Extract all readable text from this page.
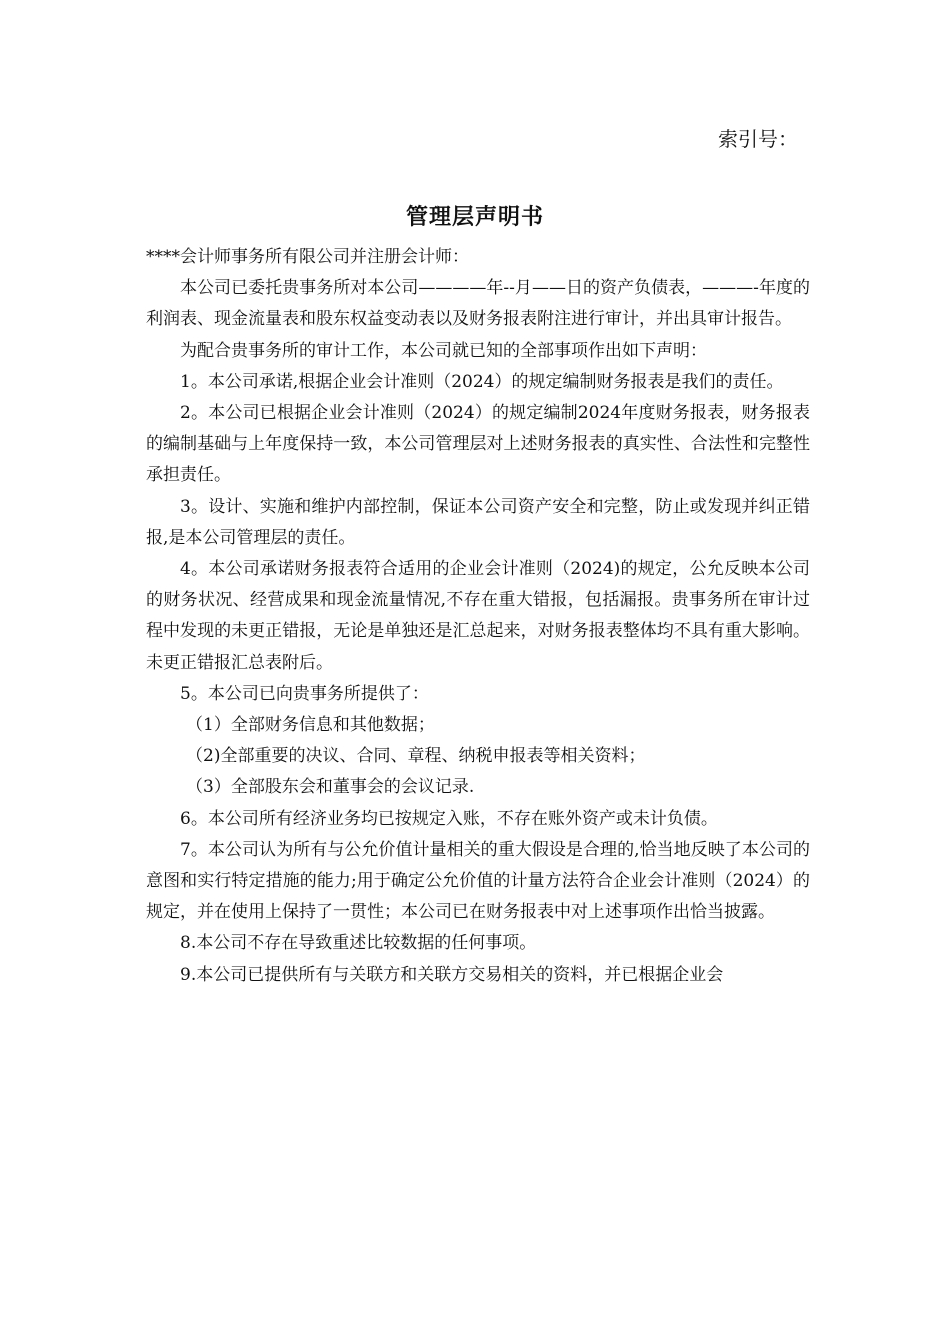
索引号：
管理层声明书

****会计师事务所有限公司并注册会计师：

本公司已委托贵事务所对本公司————年--月——日的资产负债表，———-年度的利润表、现金流量表和股东权益变动表以及财务报表附注进行审计，并出具审计报告。

为配合贵事务所的审计工作，本公司就已知的全部事项作出如下声明：

1。本公司承诺,根据企业会计准则（2024）的规定编制财务报表是我们的责任。

2。本公司已根据企业会计准则（2024）的规定编制2024年度财务报表，财务报表的编制基础与上年度保持一致，本公司管理层对上述财务报表的真实性、合法性和完整性承担责任。

3。设计、实施和维护内部控制，保证本公司资产安全和完整，防止或发现并纠正错报,是本公司管理层的责任。

4。本公司承诺财务报表符合适用的企业会计准则（2024)的规定，公允反映本公司的财务状况、经营成果和现金流量情况,不存在重大错报，包括漏报。贵事务所在审计过程中发现的未更正错报，无论是单独还是汇总起来，对财务报表整体均不具有重大影响。未更正错报汇总表附后。

5。本公司已向贵事务所提供了：

（1）全部财务信息和其他数据；

（2)全部重要的决议、合同、章程、纳税申报表等相关资料；

（3）全部股东会和董事会的会议记录.

6。本公司所有经济业务均已按规定入账，不存在账外资产或未计负债。

7。本公司认为所有与公允价值计量相关的重大假设是合理的,恰当地反映了本公司的意图和实行特定措施的能力;用于确定公允价值的计量方法符合企业会计准则（2024）的规定，并在使用上保持了一贯性；本公司已在财务报表中对上述事项作出恰当披露。

8.本公司不存在导致重述比较数据的任何事项。

9.本公司已提供所有与关联方和关联方交易相关的资料，并已根据企业会
